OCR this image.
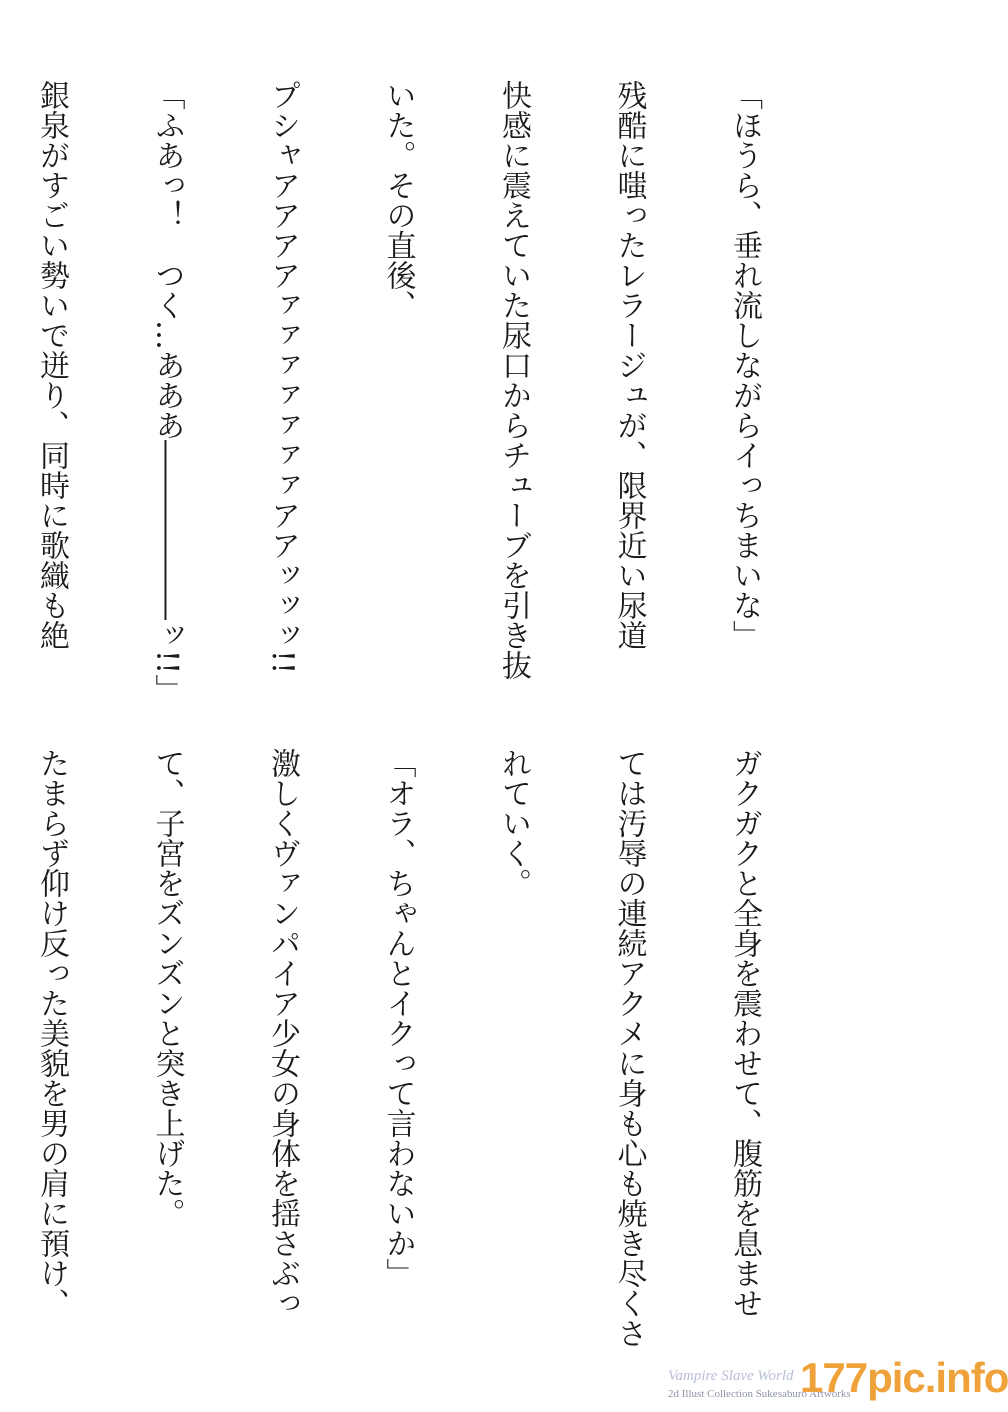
「ほうら、垂れ流しながらイっちまいな」

残酷に嗤ったレラージュが、限界近い尿道

快感に震えていた尿口からチューブを引き抜

いた。その直後、

プシャアアアアァァァァァァァアアッッッ!!

「ふあっ！　つく…あああ――――――ッ!!」

銀泉がすごい勢いで迸り、同時に歌織も絶

ガクガクと全身を震わせて、腹筋を息ませ

ては汚辱の連続アクメに身も心も焼き尽くさ

れていく。

「オラ、ちゃんとイクって言わないか」

激しくヴァンパイア少女の身体を揺さぶっ

て、子宮をズンズンと突き上げた。

たまらず仰け反った美貌を男の肩に預け、

Vampire Slave World
2d Illust Collection Sukesaburo Artworks
177pic.info
